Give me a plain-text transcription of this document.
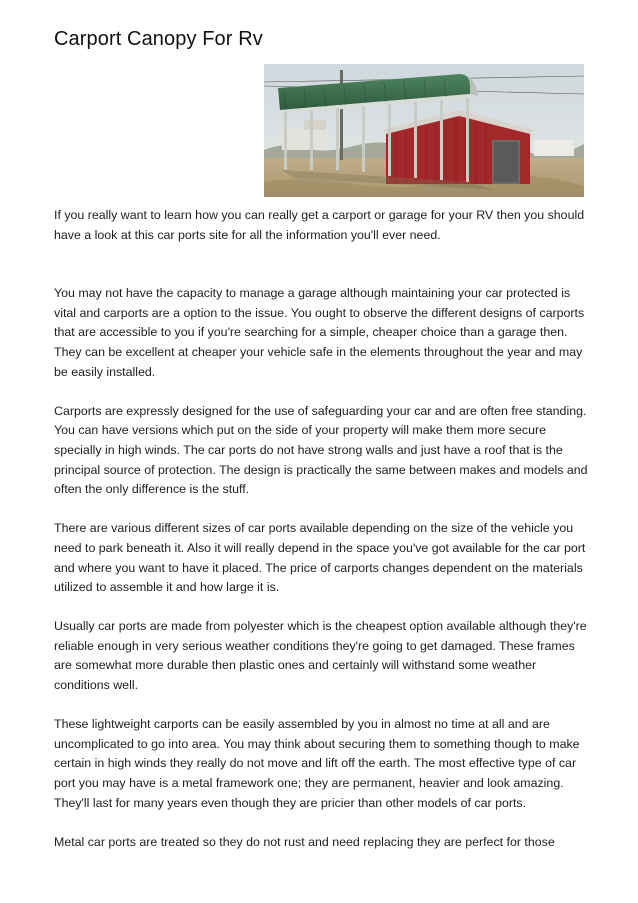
Carport Canopy For Rv

If you really want to learn how you can really get a carport or garage for your RV then you should have a look at this car ports site for all the information you'll ever need.

You may not have the capacity to manage a garage although maintaining your car protected is vital and carports are a option to the issue. You ought to observe the different designs of carports that are accessible to you if you're searching for a simple, cheaper choice than a garage then. They can be excellent at cheaper your vehicle safe in the elements throughout the year and may be easily installed.

Carports are expressly designed for the use of safeguarding your car and are often free standing. You can have versions which put on the side of your property will make them more secure specially in high winds. The car ports do not have strong walls and just have a roof that is the principal source of protection. The design is practically the same between makes and models and often the only difference is the stuff.

There are various different sizes of car ports available depending on the size of the vehicle you need to park beneath it. Also it will really depend in the space you've got available for the car port and where you want to have it placed. The price of carports changes dependent on the materials utilized to assemble it and how large it is.

Usually car ports are made from polyester which is the cheapest option available although they're reliable enough in very serious weather conditions they're going to get damaged. These frames are somewhat more durable then plastic ones and certainly will withstand some weather conditions well.

These lightweight carports can be easily assembled by you in almost no time at all and are uncomplicated to go into area. You may think about securing them to something though to make certain in high winds they really do not move and lift off the earth. The most effective type of car port you may have is a metal framework one; they are permanent, heavier and look amazing. They'll last for many years even though they are pricier than other models of car ports.

Metal car ports are treated so they do not rust and need replacing they are perfect for those
